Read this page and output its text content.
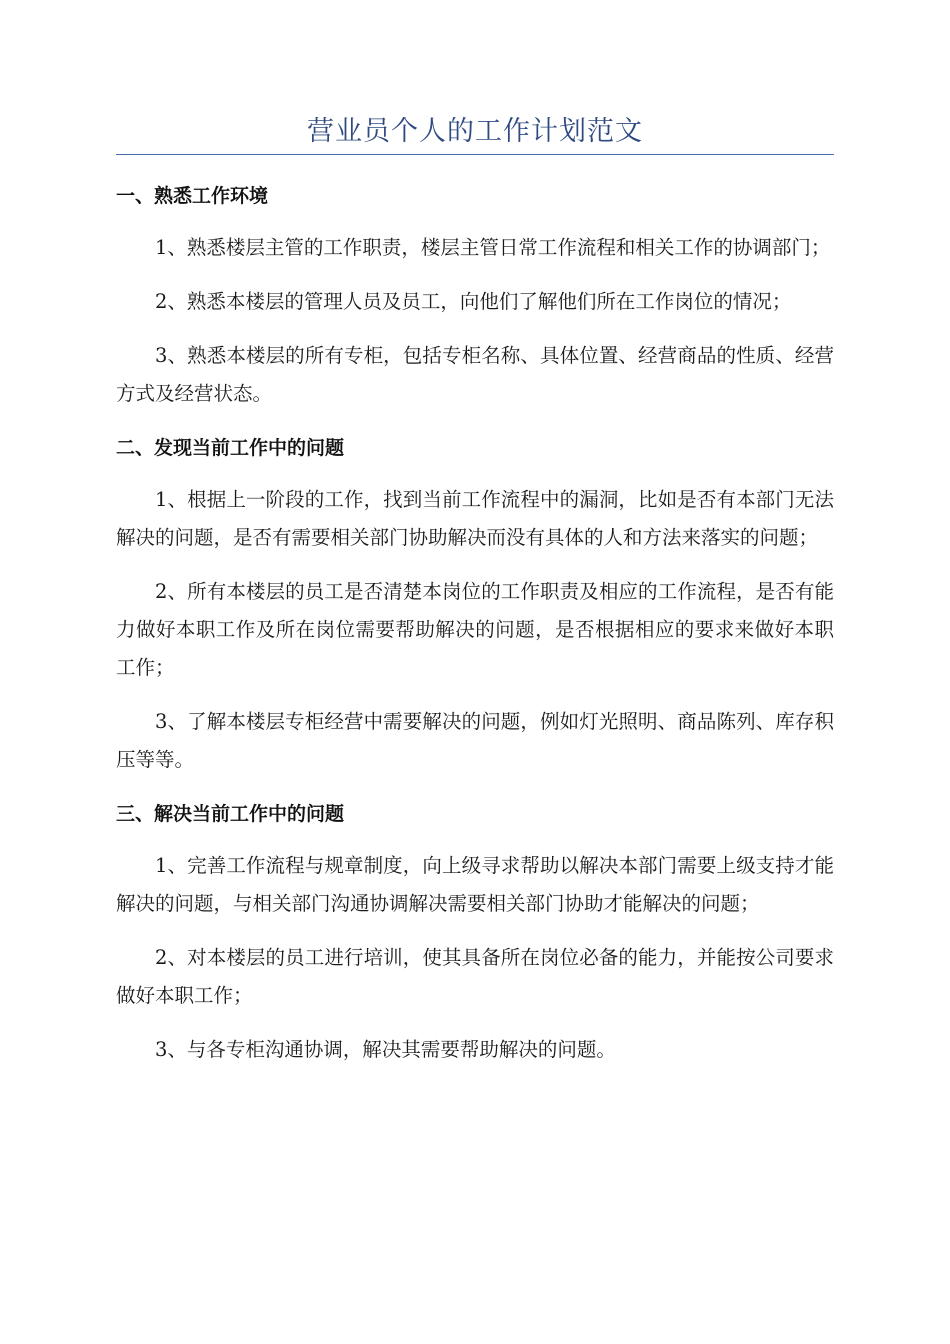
营业员个人的工作计划范文

一、熟悉工作环境

1、熟悉楼层主管的工作职责，楼层主管日常工作流程和相关工作的协调部门；

2、熟悉本楼层的管理人员及员工，向他们了解他们所在工作岗位的情况；

3、熟悉本楼层的所有专柜，包括专柜名称、具体位置、经营商品的性质、经营方式及经营状态。

二、发现当前工作中的问题

1、根据上一阶段的工作，找到当前工作流程中的漏洞，比如是否有本部门无法解决的问题，是否有需要相关部门协助解决而没有具体的人和方法来落实的问题；

2、所有本楼层的员工是否清楚本岗位的工作职责及相应的工作流程，是否有能力做好本职工作及所在岗位需要帮助解决的问题，是否根据相应的要求来做好本职工作；

3、了解本楼层专柜经营中需要解决的问题，例如灯光照明、商品陈列、库存积压等等。

三、解决当前工作中的问题

1、完善工作流程与规章制度，向上级寻求帮助以解决本部门需要上级支持才能解决的问题，与相关部门沟通协调解决需要相关部门协助才能解决的问题；

2、对本楼层的员工进行培训，使其具备所在岗位必备的能力，并能按公司要求做好本职工作；

3、与各专柜沟通协调，解决其需要帮助解决的问题。
